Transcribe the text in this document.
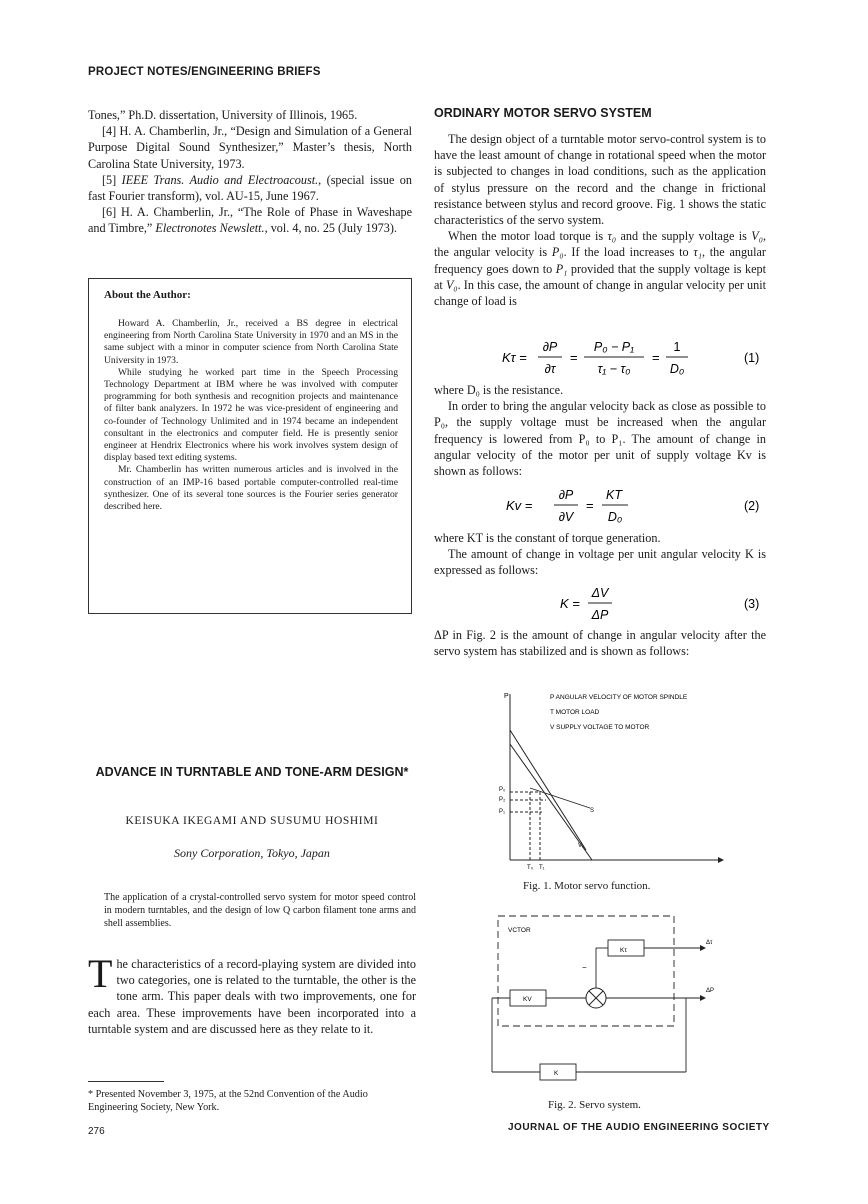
PROJECT NOTES/ENGINEERING BRIEFS

Tones,” Ph.D. dissertation, University of Illinois, 1965.

[4] H. A. Chamberlin, Jr., “Design and Simulation of a General Purpose Digital Sound Synthesizer,” Master’s thesis, North Carolina State University, 1973.

[5] IEEE Trans. Audio and Electroacoust., (special issue on fast Fourier transform), vol. AU-15, June 1967.

[6] H. A. Chamberlin, Jr., “The Role of Phase in Waveshape and Timbre,” Electronotes Newslett., vol. 4, no. 25 (July 1973).

About the Author:

Howard A. Chamberlin, Jr., received a BS degree in electrical engineering from North Carolina State University in 1970 and an MS in the same subject with a minor in computer science from North Carolina State University in 1973.

While studying he worked part time in the Speech Processing Technology Department at IBM where he was involved with computer programming for both synthesis and recognition projects and maintenance of filter bank analyzers. In 1972 he was vice-president of engineering and co-founder of Technology Unlimited and in 1974 became an independent consultant in the electronics and computer field. He is presently senior engineer at Hendrix Electronics where his work involves system design of display based text editing systems.

Mr. Chamberlin has written numerous articles and is involved in the construction of an IMP-16 based portable computer-controlled real-time synthesizer. One of its several tone sources is the Fourier series generator described here.

ADVANCE IN TURNTABLE AND TONE-ARM DESIGN*
KEISUKA IKEGAMI AND SUSUMU HOSHIMI
Sony Corporation, Tokyo, Japan
The application of a crystal-controlled servo system for motor speed control in modern turntables, and the design of low Q carbon filament tone arms and shell assemblies.
The characteristics of a record-playing system are divided into two categories, one is related to the turntable, the other is the tone arm. This paper deals with two improvements, one for each area. These improvements have been incorporated into a turntable system and are discussed here as they relate to it.
* Presented November 3, 1975, at the 52nd Convention of the Audio Engineering Society, New York.
ORDINARY MOTOR SERVO SYSTEM

The design object of a turntable motor servo-control system is to have the least amount of change in rotational speed when the motor is subjected to changes in load conditions, such as the application of stylus pressure on the record and the change in frictional resistance between stylus and record groove. Fig. 1 shows the static characteristics of the servo system.

When the motor load torque is τ₀ and the supply voltage is V₀, the angular velocity is P₀. If the load increases to τ₁, the angular frequency goes down to P₁ provided that the supply voltage is kept at V₀. In this case, the amount of change in angular velocity per unit change of load is

Kτ =
∂P
∂τ
=
P₀ − P₁
τ₁ − τ₀
=
1
D₀
(1)

where D₀ is the resistance.

In order to bring the angular velocity back as close as possible to P₀, the supply voltage must be increased when the angular frequency is lowered from P₀ to P₁. The amount of change in angular velocity of the motor per unit of supply voltage Kv is shown as follows:

Kv =
∂P
∂V
=
KT
D₀
(2)

where KT is the constant of torque generation.

The amount of change in voltage per unit angular velocity K is expressed as follows:

K =
ΔV
ΔP
(3)
ΔP in Fig. 2 is the amount of change in angular velocity after the servo system has stabilized and is shown as follows:
P	P ANGULAR VELOCITY OF MOTOR SPINDLE
T MOTOR LOAD
V SUPPLY VOLTAGE TO MOTOR
P₀
P₂
P₁
T₀ T₁
V₁
S
Fig. 1. Motor servo function.
VCTOR
Kτ
Δτ
−
KV
ΔP
K
Fig. 2. Servo system.
276	JOURNAL OF THE AUDIO ENGINEERING SOCIETY
